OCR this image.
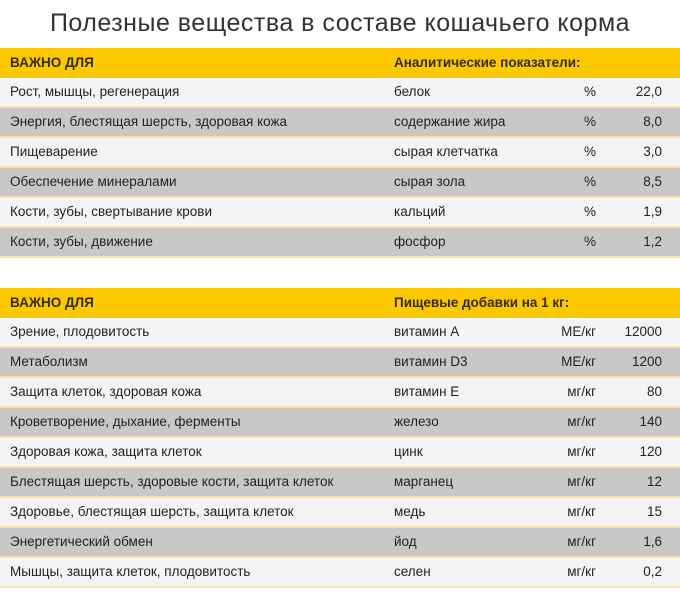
Полезные вещества в составе кошачьего корма
ВАЖНО ДЛЯ	Аналитические показатели:
Рост, мышцы, регенерация	белок	%	22,0
Энергия, блестящая шерсть, здоровая кожа	содержание жира	%	8,0
Пищеварение	сырая клетчатка	%	3,0
Обеспечение минералами	сырая зола	%	8,5
Кости, зубы, свертывание крови	кальций	%	1,9
Кости, зубы, движение	фосфор	%	1,2
ВАЖНО ДЛЯ	Пищевые добавки на 1 кг:
Зрение, плодовитость	витамин А	МЕ/кг 12000
Метаболизм	витамин D3	МЕ/кг	1200
Защита клеток, здоровая кожа	витамин Е	мг/кг	80
Кроветворение, дыхание, ферменты	железо	мг/кг	140
Здоровая кожа, защита клеток	цинк	мг/кг	120
Блестящая шерсть, здоровые кости, защита клеток	марганец	мг/кг	12
Здоровье, блестящая шерсть, защита клеток	медь	мг/кг	15
Энергетический обмен	йод	мг/кг	1,6
Мышцы, защита клеток, плодовитость	селен	мг/кг	0,2
